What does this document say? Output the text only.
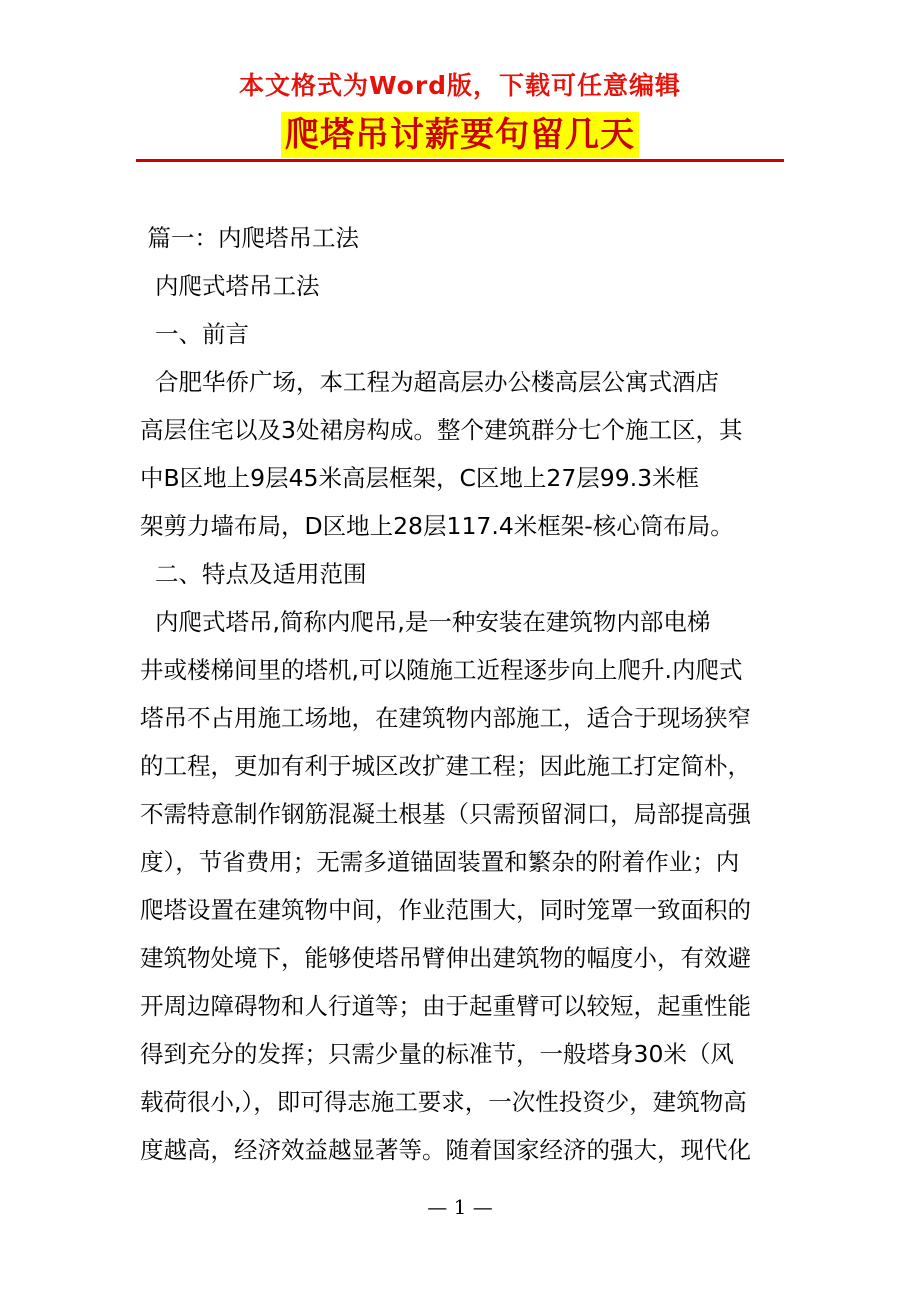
本文格式为Word版，下载可任意编辑
爬塔吊讨薪要句留几天

篇一：内爬塔吊工法

内爬式塔吊工法

一、前言

合肥华侨广场，本工程为超高层办公楼高层公寓式酒店

高层住宅以及3处裙房构成。整个建筑群分七个施工区，其

中B区地上9层45米高层框架，C区地上27层99.3米框

架剪力墙布局，D区地上28层117.4米框架-核心筒布局。

二、特点及适用范围

内爬式塔吊,简称内爬吊,是一种安装在建筑物内部电梯

井或楼梯间里的塔机,可以随施工近程逐步向上爬升.内爬式

塔吊不占用施工场地，在建筑物内部施工，适合于现场狭窄

的工程，更加有利于城区改扩建工程；因此施工打定简朴，

不需特意制作钢筋混凝土根基（只需预留洞口，局部提高强

度），节省费用；无需多道锚固装置和繁杂的附着作业；内

爬塔设置在建筑物中间，作业范围大，同时笼罩一致面积的

建筑物处境下，能够使塔吊臂伸出建筑物的幅度小，有效避

开周边障碍物和人行道等；由于起重臂可以较短，起重性能

得到充分的发挥；只需少量的标准节，一般塔身30米（风

载荷很小,），即可得志施工要求，一次性投资少，建筑物高

度越高，经济效益越显著等。随着国家经济的强大，现代化

— 1 —
